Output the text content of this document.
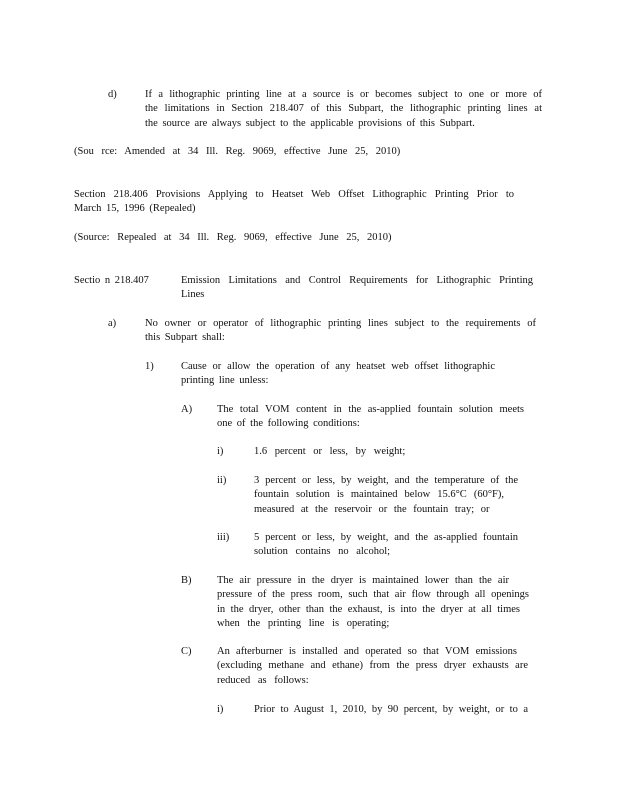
d)	If a lithographic printing line at a source is or becomes subject to one or more of
the limitations in Section 218.407 of this Subpart, the lithographic printing lines at
the source are always subject to the applicable provisions of this Subpart.
(Sou rce: Amended at 34 Ill. Reg. 9069, effective June 25, 2010)
Section 218.406 Provisions Applying to Heatset Web Offset Lithographic Printing Prior to
March 15, 1996 (Repealed)
(Source: Repealed at 34 Ill. Reg. 9069, effective June 25, 2010)
Sectio n 218.407	Emission Limitations and Control Requirements for Lithographic Printing
Lines
a)	No owner or operator of lithographic printing lines subject to the requirements of
this Subpart shall:
1)	Cause or allow the operation of any heatset web offset lithographic
printing line unless:
A) The total VOM content in the as-applied fountain solution meets
one of the following conditions:
i)	1.6 percent or less, by weight;
ii)	3 percent or less, by weight, and the temperature of the
fountain solution is maintained below 15.6°C (60°F),
measured at the reservoir or the fountain tray; or
iii) 5 percent or less, by weight, and the as-applied fountain
solution contains no alcohol;
B) The air pressure in the dryer is maintained lower than the air
pressure of the press room, such that air flow through all openings
in the dryer, other than the exhaust, is into the dryer at all times
when the printing line is operating;
C) An afterburner is installed and operated so that VOM emissions
(excluding methane and ethane) from the press dryer exhausts are
reduced as follows:
i)	Prior to August 1, 2010, by 90 percent, by weight, or to a
